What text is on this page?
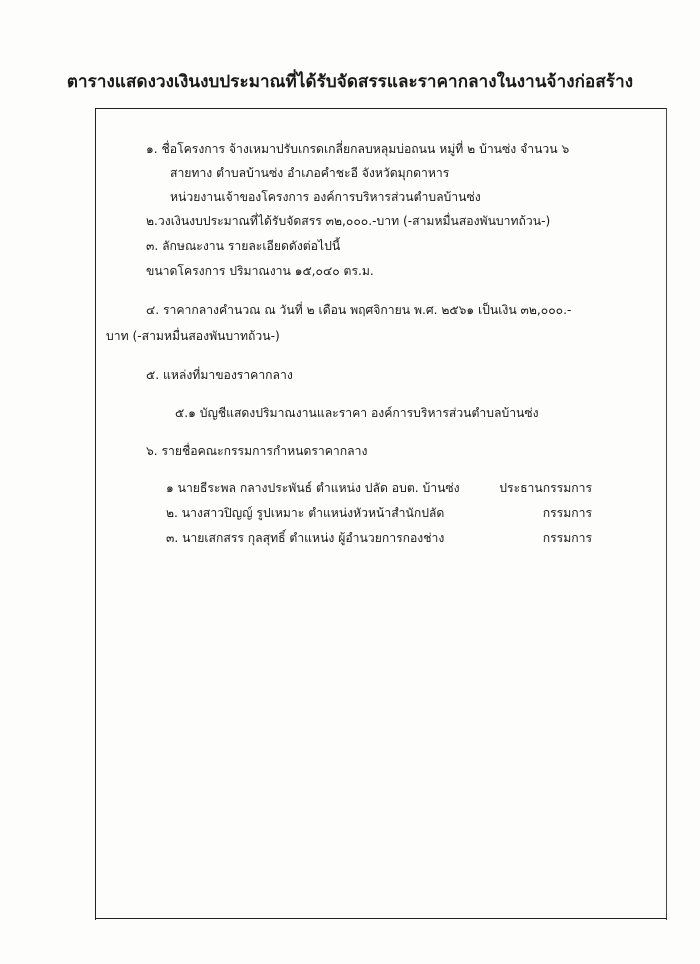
ตารางแสดงวงเงินงบประมาณที่ได้รับจัดสรรและราคากลางในงานจ้างก่อสร้าง
๑. ชื่อโครงการ จ้างเหมาปรับเกรดเกลี่ยกลบหลุมบ่อถนน หมู่ที่ ๒ บ้านซ่ง จำนวน ๖
สายทาง ตำบลบ้านซ่ง อำเภอคำชะอี จังหวัดมุกดาหาร
หน่วยงานเจ้าของโครงการ องค์การบริหารส่วนตำบลบ้านซ่ง
๒.วงเงินงบประมาณที่ได้รับจัดสรร ๓๒,๐๐๐.-บาท (-สามหมื่นสองพันบาทถ้วน-)
๓. ลักษณะงาน รายละเอียดดังต่อไปนี้
ขนาดโครงการ ปริมาณงาน ๑๕,๐๔๐ ตร.ม.
๔. ราคากลางคำนวณ ณ วันที่ ๒ เดือน พฤศจิกายน พ.ศ. ๒๕๖๑ เป็นเงิน ๓๒,๐๐๐.-
บาท (-สามหมื่นสองพันบาทถ้วน-)
๕. แหล่งที่มาของราคากลาง
๕.๑ บัญชีแสดงปริมาณงานและราคา องค์การบริหารส่วนตำบลบ้านซ่ง
๖. รายชื่อคณะกรรมการกำหนดราคากลาง
๑ นายธีระพล กลางประพันธ์ ตำแหน่ง ปลัด อบต. บ้านซ่ง	ประธานกรรมการ
๒. นางสาวปิญญ์ รูปเหมาะ ตำแหน่งหัวหน้าสำนักปลัด	กรรมการ
๓. นายเสกสรร กุลสุทธิ์ ตำแหน่ง ผู้อำนวยการกองช่าง	กรรมการ
